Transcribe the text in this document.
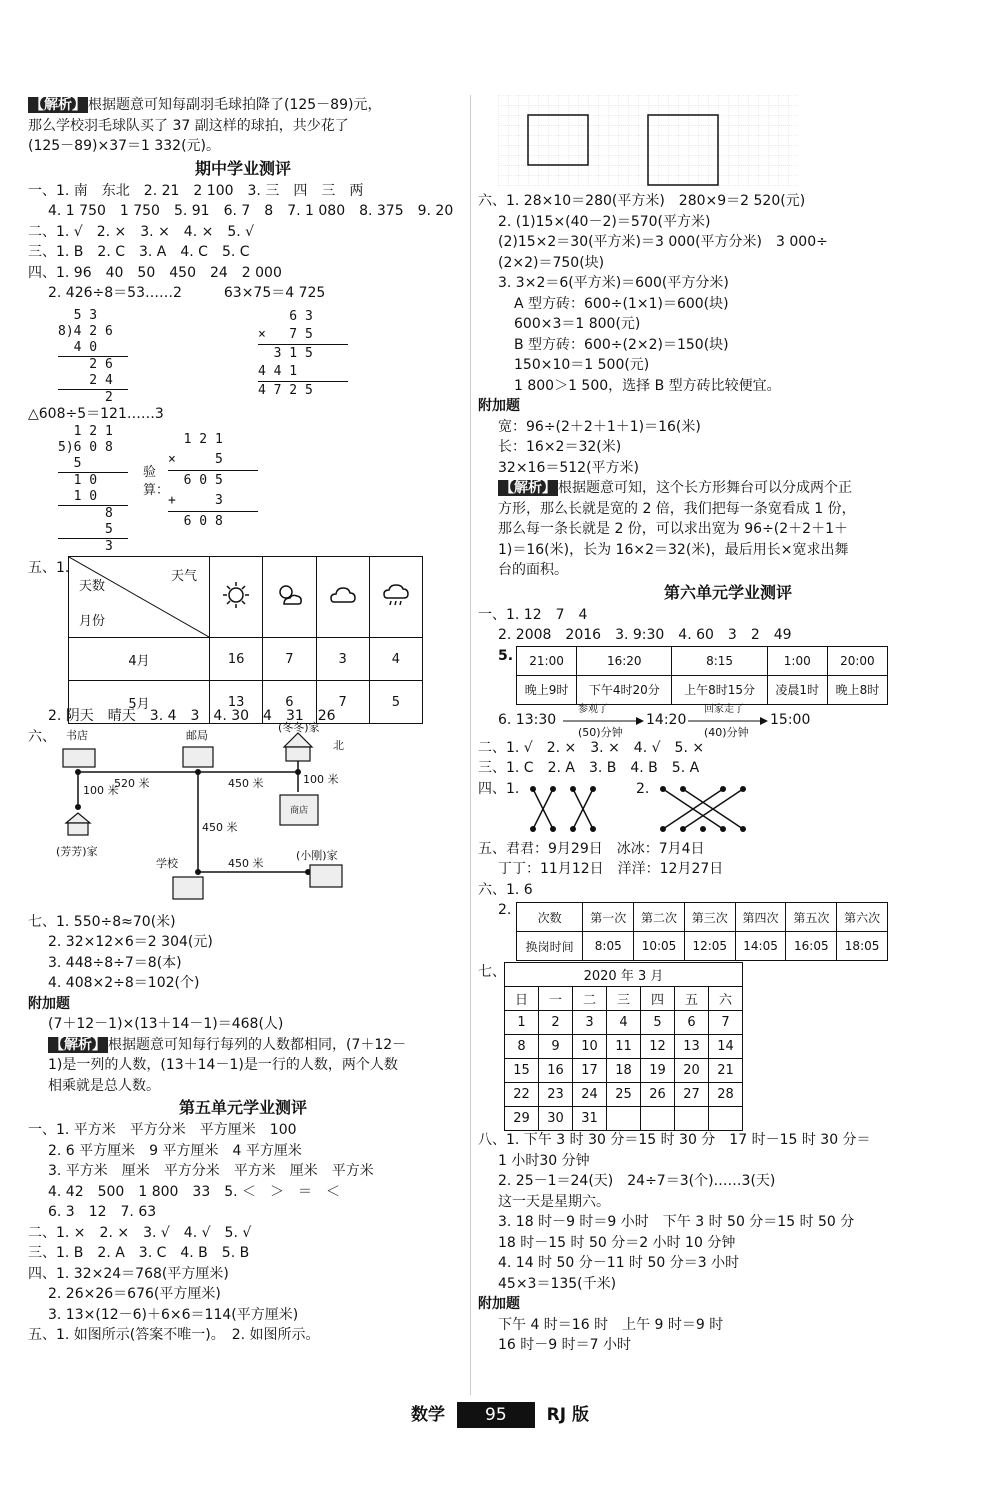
【解析】 根据题意可知每副羽毛球拍降了(125－89)元，
那么学校羽毛球队买了 37 副这样的球拍，共少花了
(125－89)×37＝1 332(元)。
期中学业测评
一、1. 南　东北　2. 21　2 100　3. 三　四　三　两
4. 1 750　1 750　5. 91　6. 7　8　7. 1 080　8. 375　9. 20
二、1. √　2. ×　3. ×　4. ×　5. √
三、1. B　2. C　3. A　4. C　5. C
四、1. 96　40　50　450　24　2 000
2. 426÷8＝53……2　　　63×75＝4 725
5 3
8)4 2 6
4 0
2 6
2 4
2
6 3
×   7 5
3 1 5
4 4 1
4 7 2 5
△608÷5＝121……3
1 2 1
5)6 0 8
5
1 0
1 0
8
5
3
验算：
1 2 1
×     5
6 0 5
+     3
6 0 8
五、1.
天气
天数
月份

4月	16	7	3	4
5月	13	6	7	5
2. 阴天　晴天　3. 4　3　4. 30　4　31　26
六、 书店	邮局
(冬冬)家
北
520 米	450 米	100 米
100 米
450 米
(芳芳)家
学校	450 米
(小刚)家
商店
七、1. 550÷8≈70(米)
2. 32×12×6＝2 304(元)
3. 448÷8÷7＝8(本)
4. 408×2÷8＝102(个)
附加题
(7＋12－1)×(13＋14－1)＝468(人)
【解析】 根据题意可知每行每列的人数都相同，(7＋12－
1)是一列的人数，(13＋14－1)是一行的人数，两个人数
相乘就是总人数。
第五单元学业测评
一、1. 平方米　平方分米　平方厘米　100
2. 6 平方厘米　9 平方厘米　4 平方厘米
3. 平方米　厘米　平方分米　平方米　厘米　平方米
4. 42　500　1 800　33　5. ＜　＞　＝　＜
6. 3　12　7. 63
二、1. ×　2. ×　3. √　4. √　5. √
三、1. B　2. A　3. C　4. B　5. B
四、1. 32×24＝768(平方厘米)
2. 26×26＝676(平方厘米)
3. 13×(12－6)＋6×6＝114(平方厘米)
五、1. 如图所示(答案不唯一)。　2. 如图所示。
六、1. 28×10＝280(平方米)　280×9＝2 520(元)
2. (1)15×(40－2)＝570(平方米)
(2)15×2＝30(平方米)＝3 000(平方分米)　3 000÷
(2×2)＝750(块)
3. 3×2＝6(平方米)＝600(平方分米)
A 型方砖：600÷(1×1)＝600(块)
600×3＝1 800(元)
B 型方砖：600÷(2×2)＝150(块)
150×10＝1 500(元)
1 800＞1 500，选择 B 型方砖比较便宜。
附加题
宽：96÷(2＋2＋1＋1)＝16(米)
长：16×2＝32(米)
32×16＝512(平方米)
【解析】 根据题意可知，这个长方形舞台可以分成两个正
方形，那么长就是宽的 2 倍，我们把每一条宽看成 1 份，
那么每一条长就是 2 份，可以求出宽为 96÷(2＋2＋1＋
1)＝16(米)，长为 16×2＝32(米)，最后用长×宽求出舞
台的面积。
第六单元学业测评
一、1. 12　7　4
2. 2008　2016　3. 9:30　4. 60　3　2　49
5. 21:00	16:20	8:15	1:00	20:00
晚上9时	下午4时20分	上午8时15分	凌晨1时	晚上8时
6. 13:30
参观了
(50)分钟
14:20
回家走了
(40)分钟
15:00
二、1. √　2. ×　3. ×　4. √　5. ×
三、1. C　2. A　3. B　4. B　5. A
四、1.	2.
五、君君：9月29日　冰冰：7月4日
丁丁：11月12日　洋洋：12月27日
六、1. 6
2. 次数	第一次	第二次	第三次	第四次	第五次	第六次
换岗时间	8:05	10:05	12:05	14:05	16:05	18:05
七、	2020 年 3 月						
日	一	二	三	四	五	六
1	2	3	4	5	6	7
8	9	10	11	12	13	14
15	16	17	18	19	20	21
22	23	24	25	26	27	28
29	30	31				
八、1. 下午 3 时 30 分＝15 时 30 分　17 时－15 时 30 分＝
1 小时30 分钟
2. 25－1＝24(天)　24÷7＝3(个)……3(天)
这一天是星期六。
3. 18 时－9 时＝9 小时　下午 3 时 50 分＝15 时 50 分
18 时－15 时 50 分＝2 小时 10 分钟
4. 14 时 50 分－11 时 50 分＝3 小时
45×3＝135(千米)
附加题
下午 4 时＝16 时　上午 9 时＝9 时
16 时－9 时＝7 小时
数学 95 RJ 版
